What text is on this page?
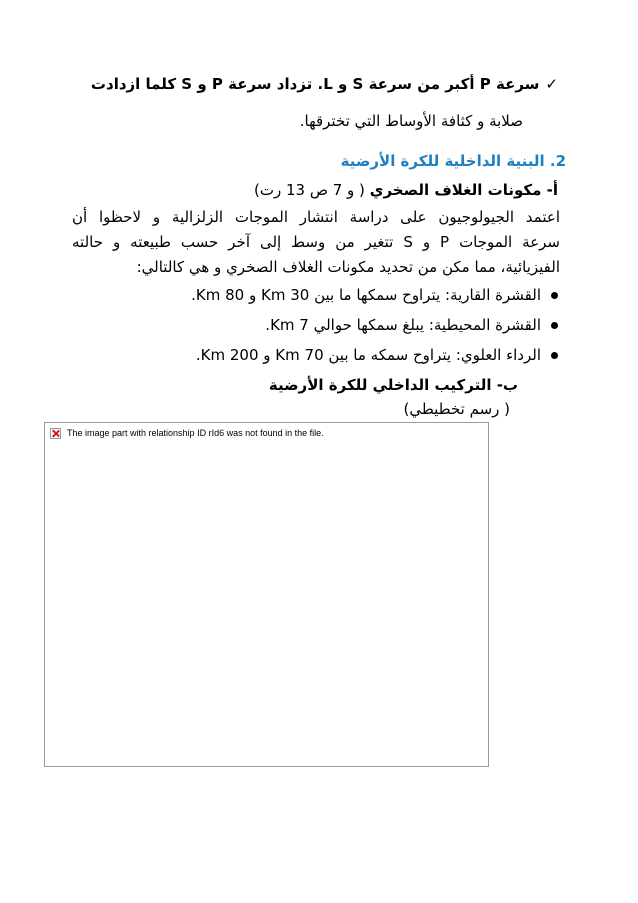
✓سرعة P أكبر من سرعة S و L. تزداد سرعة P و S كلما ازدادت
صلابة و كثافة الأوساط التي تخترقها.
2. البنية الداخلية للكرة الأرضية
أ- مكونات الغلاف الصخري ( و 7 ص 13 رت)
اعتمد الجيولوجيون على دراسة انتشار الموجات الزلزالية و لاحظوا أن
سرعة الموجات P و S تتغير من وسط إلى آخر حسب طبيعته و حالته
الفيزيائية، مما مكن من تحديد مكونات الغلاف الصخري و هي كالتالي:
القشرة القارية: يتراوح سمكها ما بين 30 Km و 80 Km.
القشرة المحيطية: يبلغ سمكها حوالي 7 Km.
الرداء العلوي: يتراوح سمكه ما بين 70 Km و 200 Km.
ب- التركيب الداخلي للكرة الأرضية
( رسم تخطيطي)
The image part with relationship ID rId6 was not found in the file.
